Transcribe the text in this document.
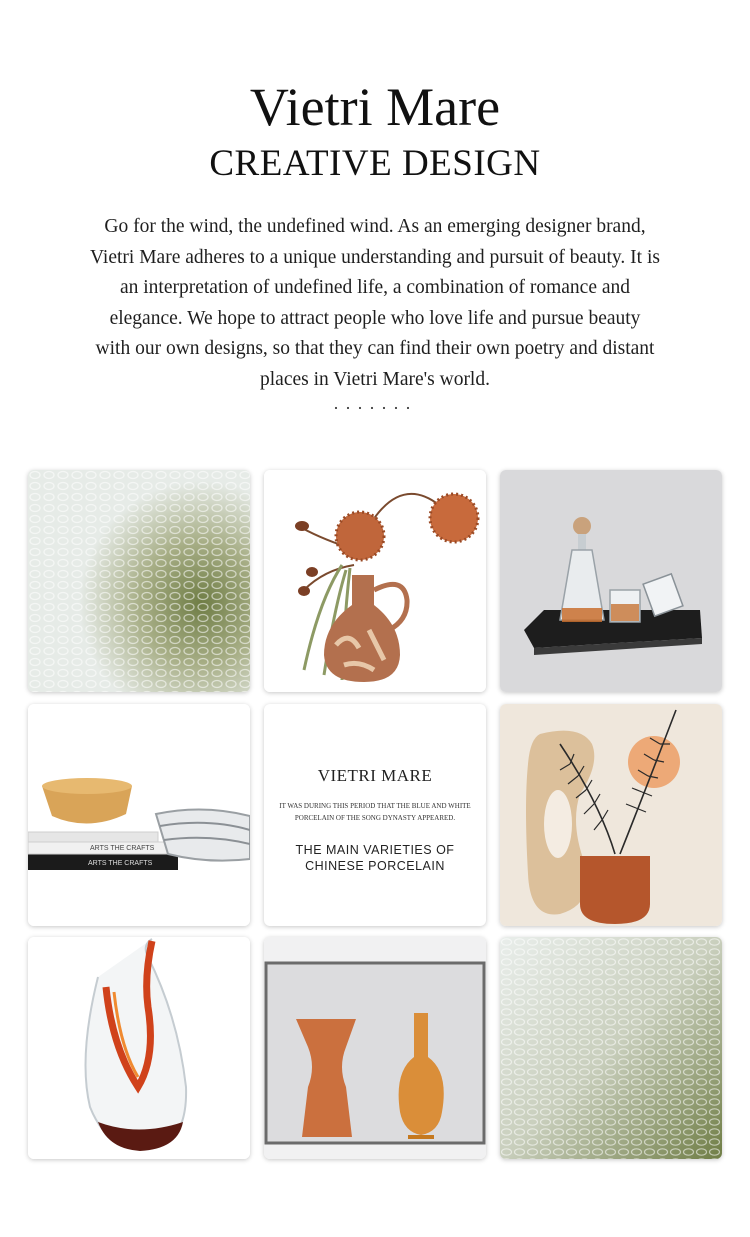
Vietri Mare
CREATIVE DESIGN
Go for the wind, the undefined wind. As an emerging designer brand, Vietri Mare adheres to a unique understanding and pursuit of beauty. It is an interpretation of undefined life, a combination of romance and elegance. We hope to attract people who love life and pursue beauty with our own designs, so that they can find their own poetry and distant places in Vietri Mare's world.
·······
ARTS THE CRAFTS
ARTS THE CRAFTS
VIETRI MARE
IT WAS DURING THIS PERIOD THAT THE BLUE AND WHITE PORCELAIN OF THE SONG DYNASTY APPEARED.
THE MAIN VARIETIES OF CHINESE PORCELAIN
